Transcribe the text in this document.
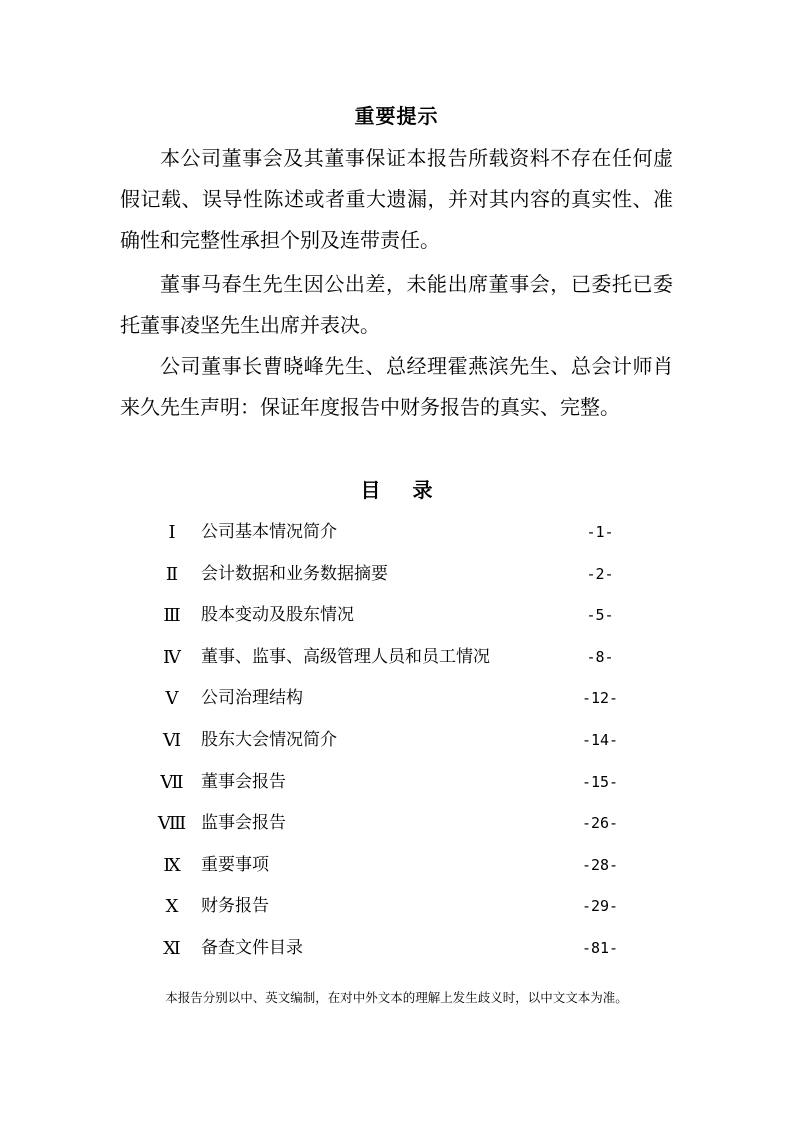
重要提示

本公司董事会及其董事保证本报告所载资料不存在任何虚假记载、误导性陈述或者重大遗漏，并对其内容的真实性、准确性和完整性承担个别及连带责任。

董事马春生先生因公出差，未能出席董事会，已委托已委托董事凌坚先生出席并表决。

公司董事长曹晓峰先生、总经理霍燕滨先生、总会计师肖来久先生声明：保证年度报告中财务报告的真实、完整。

目录
Ⅰ	公司基本情况简介	-1-
Ⅱ	会计数据和业务数据摘要	-2-
Ⅲ	股本变动及股东情况	-5-
Ⅳ	董事、监事、高级管理人员和员工情况	-8-
Ⅴ	公司治理结构	-12-
Ⅵ	股东大会情况简介	-14-
Ⅶ	董事会报告	-15-
Ⅷ 监事会报告	-26-
Ⅸ	重要事项	-28-
Ⅹ	财务报告	-29-
Ⅺ	备查文件目录	-81-
本报告分别以中、英文编制，在对中外文本的理解上发生歧义时，以中文文本为准。
